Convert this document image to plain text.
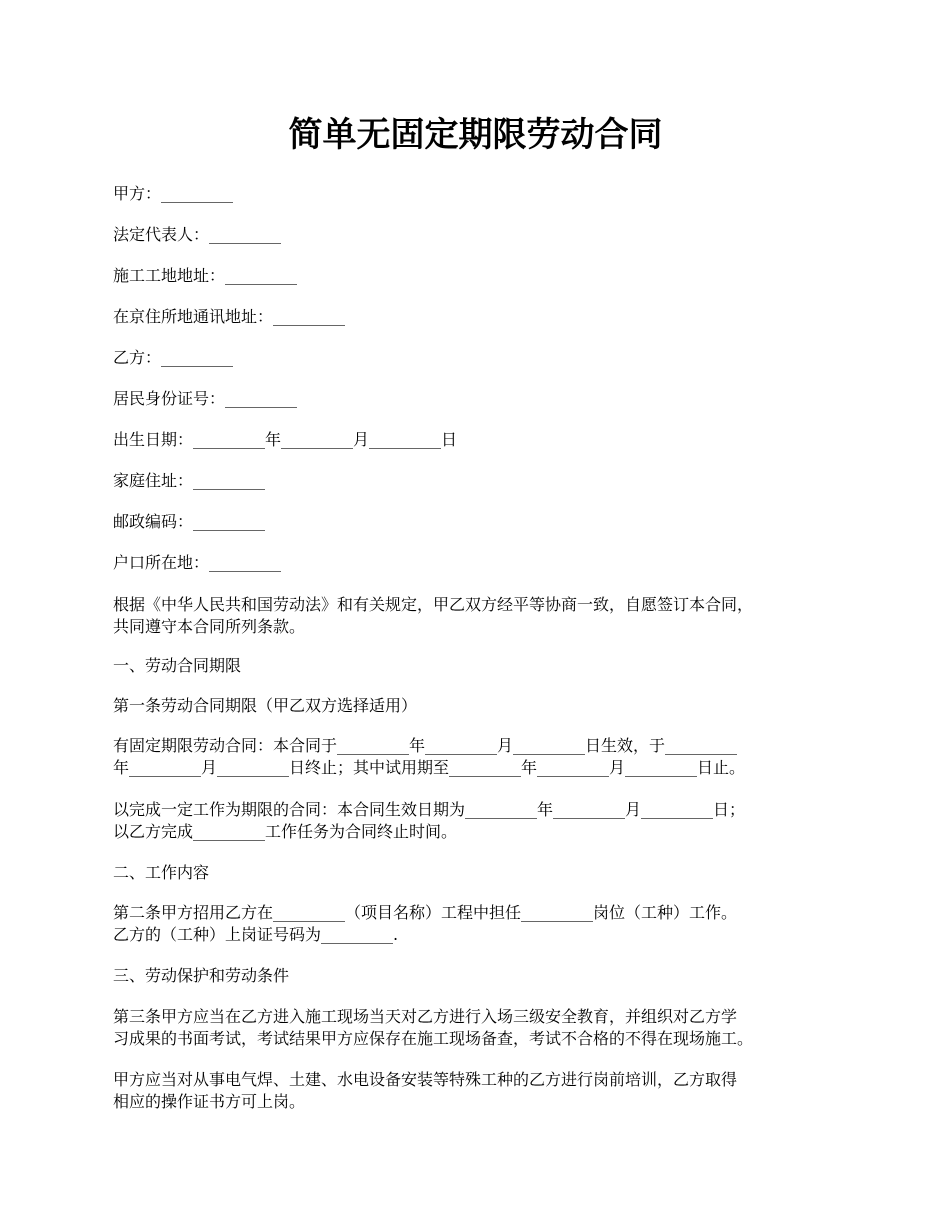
简单无固定期限劳动合同

甲方：_________

法定代表人：_________

施工工地地址：_________

在京住所地通讯地址：_________

乙方：_________

居民身份证号：_________

出生日期：_________年_________月_________日

家庭住址：_________

邮政编码：_________

户口所在地：_________

根据《中华人民共和国劳动法》和有关规定，甲乙双方经平等协商一致，自愿签订本合同，
共同遵守本合同所列条款。

一、劳动合同期限

第一条劳动合同期限（甲乙双方选择适用）

有固定期限劳动合同：本合同于_________年_________月_________日生效，于_________
年_________月_________日终止；其中试用期至_________年_________月_________日止。

以完成一定工作为期限的合同：本合同生效日期为_________年_________月_________日；
以乙方完成_________工作任务为合同终止时间。

二、工作内容

第二条甲方招用乙方在_________（项目名称）工程中担任_________岗位（工种）工作。
乙方的（工种）上岗证号码为_________.

三、劳动保护和劳动条件

第三条甲方应当在乙方进入施工现场当天对乙方进行入场三级安全教育，并组织对乙方学
习成果的书面考试，考试结果甲方应保存在施工现场备查，考试不合格的不得在现场施工。

甲方应当对从事电气焊、土建、水电设备安装等特殊工种的乙方进行岗前培训，乙方取得
相应的操作证书方可上岗。
